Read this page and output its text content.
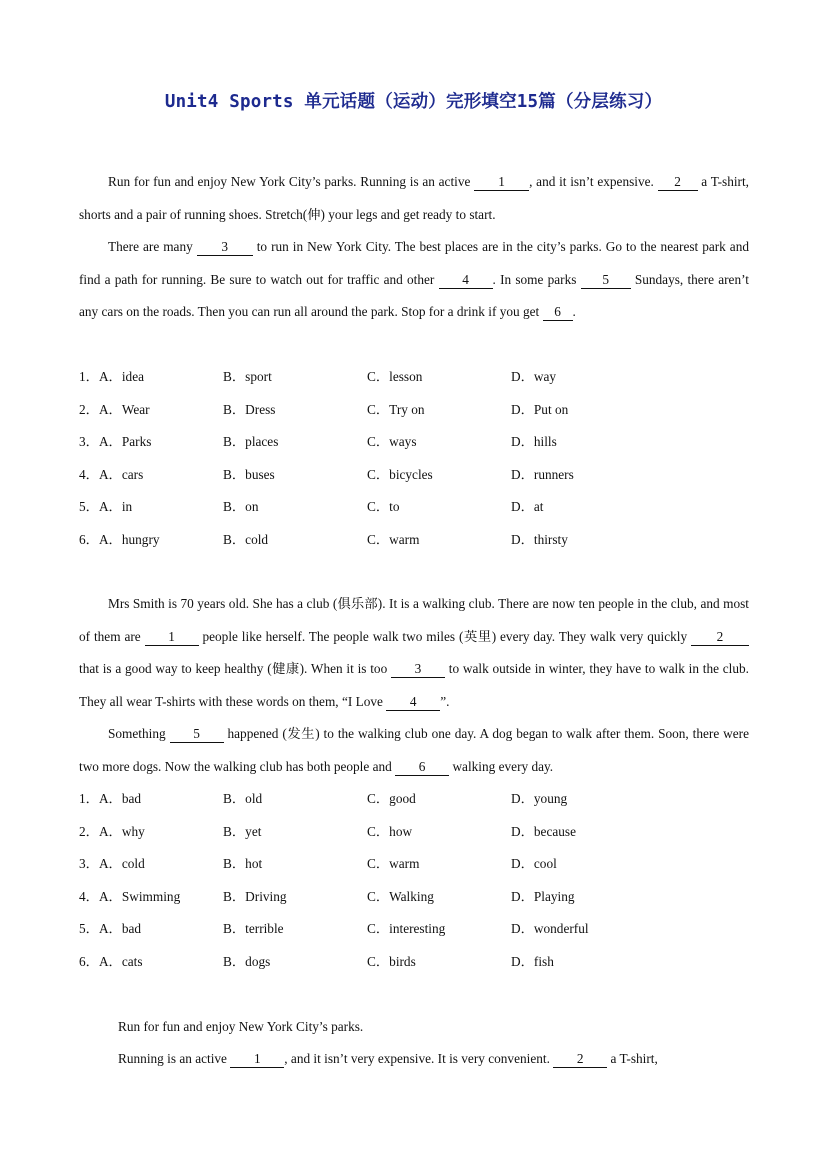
Unit4 Sports 单元话题（运动）完形填空15篇（分层练习）
Run for fun and enjoy New York City’s parks. Running is an active 1 , and it isn’t expensive. 2 a T-shirt, shorts and a pair of running shoes. Stretch(伸) your legs and get ready to start.
There are many 3 to run in New York City. The best places are in the city’s parks. Go to the nearest park and find a path for running. Be sure to watch out for traffic and other 4 . In some parks 5 Sundays, there aren’t any cars on the roads. Then you can run all around the park. Stop for a drink if you get 6 .
1．A．idea	B．sport	C．lesson	D．way
2．A．Wear	B．Dress	C．Try on	D．Put on
3．A．Parks	B．places	C．ways	D．hills
4．A．cars	B．buses	C．bicycles	D．runners
5．A．in	B．on	C．to	D．at
6．A．hungry	B．cold	C．warm	D．thirsty
Mrs Smith is 70 years old. She has a club (俱乐部). It is a walking club. There are now ten people in the club, and most of them are 1 people like herself. The people walk two miles (英里) every day. They walk very quickly 2 that is a good way to keep healthy (健康). When it is too 3 to walk outside in winter, they have to walk in the club. They all wear T-shirts with these words on them, “I Love 4 ”.
Something 5 happened (发生) to the walking club one day. A dog began to walk after them. Soon, there were two more dogs. Now the walking club has both people and 6 walking every day.
1．A．bad	B．old	C．good	D．young
2．A．why	B．yet	C．how	D．because
3．A．cold	B．hot	C．warm	D．cool
4．A．Swimming	B．Driving	C．Walking	D．Playing
5．A．bad	B．terrible	C．interesting	D．wonderful
6．A．cats	B．dogs	C．birds	D．fish
Run for fun and enjoy New York City’s parks.
Running is an active 1 , and it isn’t very expensive. It is very convenient. 2 a T-shirt,
